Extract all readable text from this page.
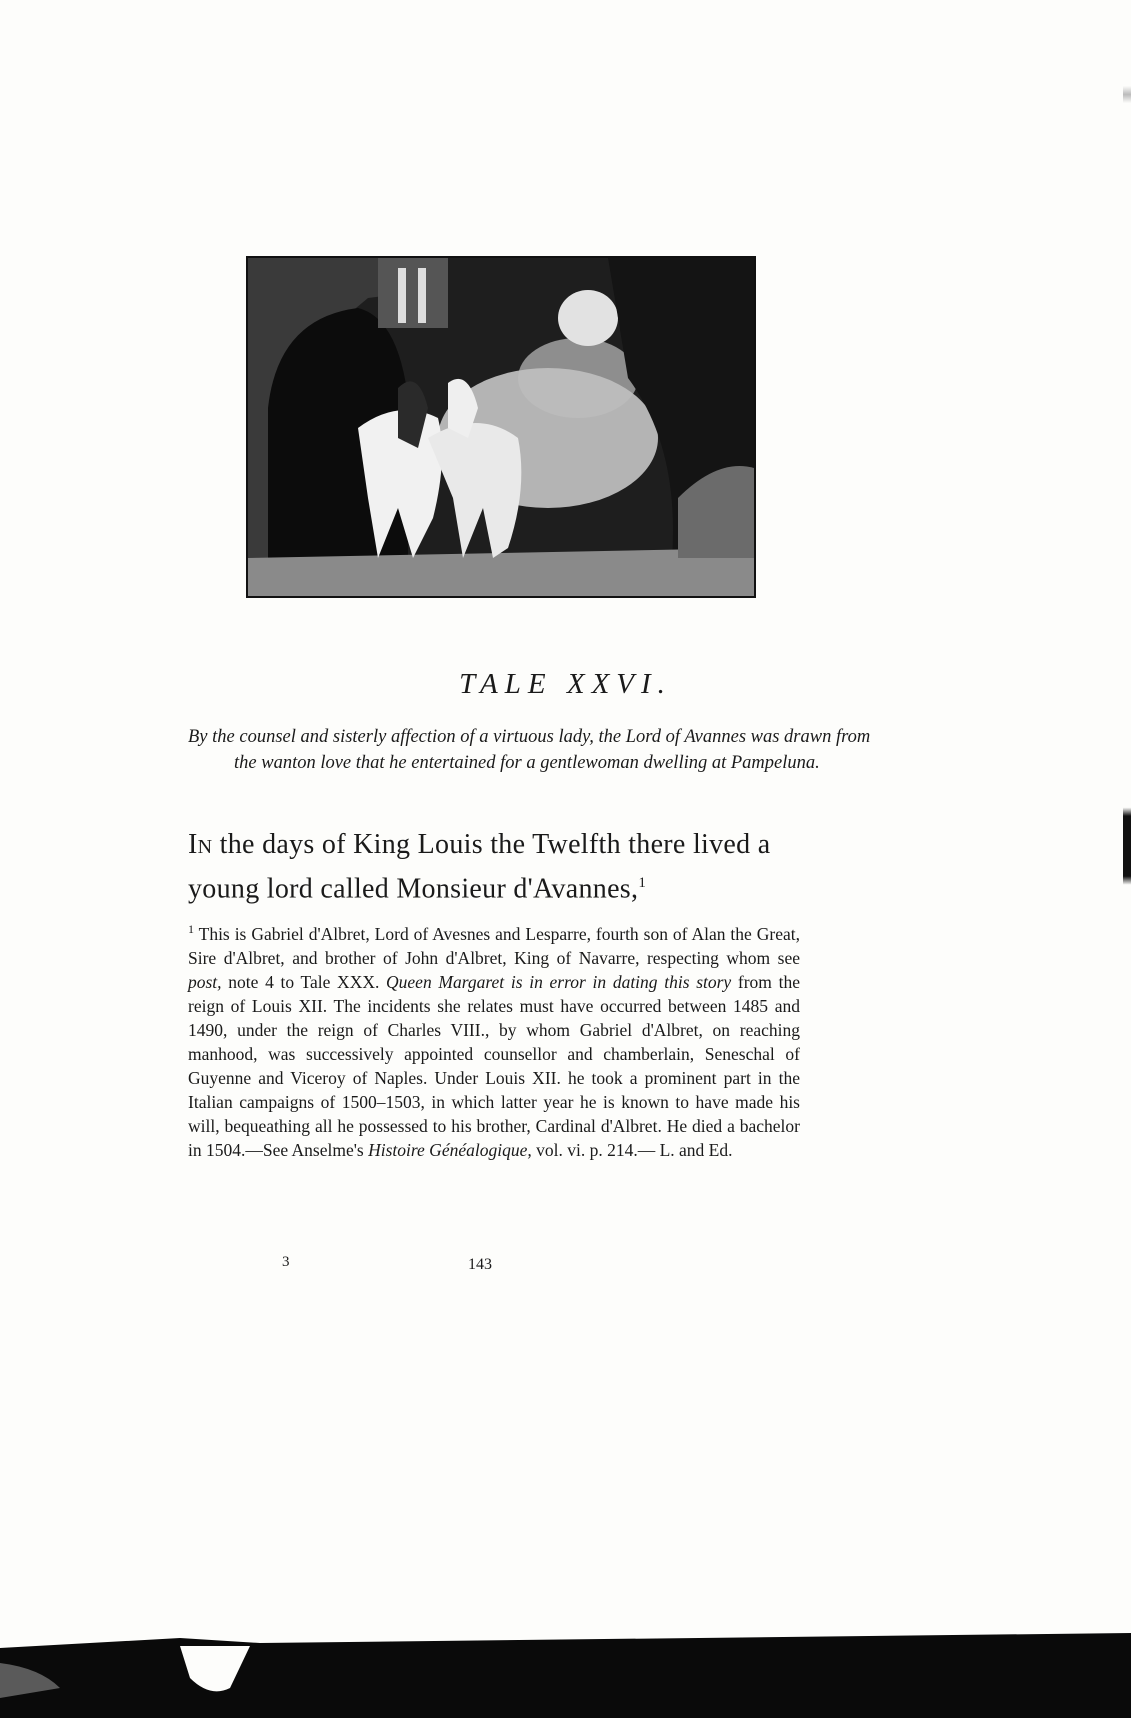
TALE XXVI.
By the counsel and sisterly affection of a virtuous lady, the Lord of Avannes was drawn from the wanton love that he entertained for a gentlewoman dwelling at Pampeluna.
In the days of King Louis the Twelfth there lived a young lord called Monsieur d'Avannes,$^1$
$^1$ This is Gabriel d'Albret, Lord of Avesnes and Lesparre, fourth son of Alan the Great, Sire d'Albret, and brother of John d'Albret, King of Navarre, respecting whom see post, note 4 to Tale XXX. Queen Margaret is in error in dating this story from the reign of Louis XII. The incidents she relates must have occurred between 1485 and 1490, under the reign of Charles VIII., by whom Gabriel d'Albret, on reaching manhood, was successively appointed counsellor and chamberlain, Seneschal of Guyenne and Viceroy of Naples. Under Louis XII. he took a prominent part in the Italian campaigns of 1500–1503, in which latter year he is known to have made his will, bequeathing all he possessed to his brother, Cardinal d'Albret. He died a bachelor in 1504.—See Anselme's Histoire Généalogique, vol. vi. p. 214.— L. and Ed.
3	143
